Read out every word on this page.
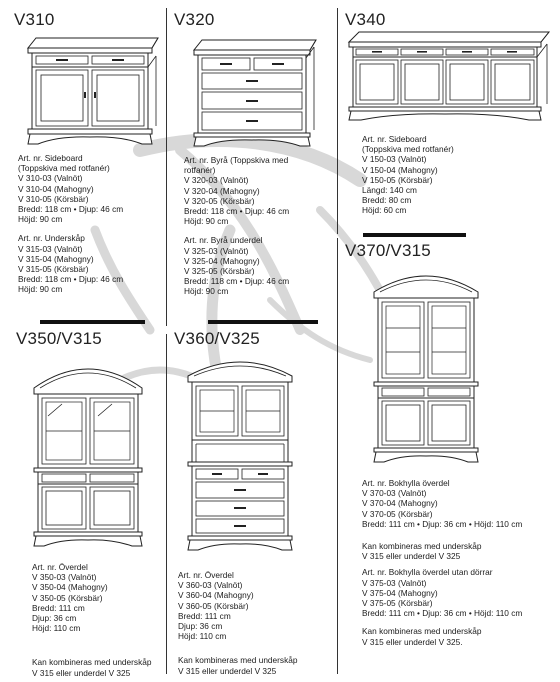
V310
Art. nr. Sideboard
(Toppskiva med rotfanér)
V 310-03 (Valnöt)
V 310-04 (Mahogny)
V 310-05 (Körsbär)
Bredd: 118 cm • Djup: 46 cm
Höjd: 90 cm
Art. nr. Underskåp
V 315-03 (Valnöt)
V 315-04 (Mahogny)
V 315-05 (Körsbär)
Bredd: 118 cm • Djup: 46 cm
Höjd: 90 cm
V320
Art. nr. Byrå (Toppskiva med
rotfanér)
V 320-03 (Valnöt)
V 320-04 (Mahogny)
V 320-05 (Körsbär)
Bredd: 118 cm • Djup: 46 cm
Höjd: 90 cm
Art. nr. Byrå underdel
V 325-03 (Valnöt)
V 325-04 (Mahogny)
V 325-05 (Körsbär)
Bredd: 118 cm • Djup: 46 cm
Höjd: 90 cm
V340
Art. nr. Sideboard
(Toppskiva med rotfanér)
V 150-03 (Valnöt)
V 150-04 (Mahogny)
V 150-05 (Körsbär)
Längd: 140 cm
Bredd: 80 cm
Höjd: 60 cm
V350/V315
Art. nr. Överdel
V 350-03 (Valnöt)
V 350-04 (Mahogny)
V 350-05 (Körsbär)
Bredd: 111 cm
Djup: 36 cm
Höjd: 110 cm
Kan kombineras med underskåp
V 315 eller underdel V 325
V360/V325
Art. nr. Överdel
V 360-03 (Valnöt)
V 360-04 (Mahogny)
V 360-05 (Körsbär)
Bredd: 111 cm
Djup: 36 cm
Höjd: 110 cm
Kan kombineras med underskåp
V 315 eller underdel V 325
V370/V315
Art. nr. Bokhylla överdel
V 370-03 (Valnöt)
V 370-04 (Mahogny)
V 370-05 (Körsbär)
Bredd: 111 cm • Djup: 36 cm • Höjd: 110 cm
Kan kombineras med underskåp
V 315 eller underdel V 325
Art. nr. Bokhylla överdel utan dörrar
V 375-03 (Valnöt)
V 375-04 (Mahogny)
V 375-05 (Körsbär)
Bredd: 111 cm • Djup: 36 cm • Höjd: 110 cm
Kan kombineras med underskåp
V 315 eller underdel V 325.
